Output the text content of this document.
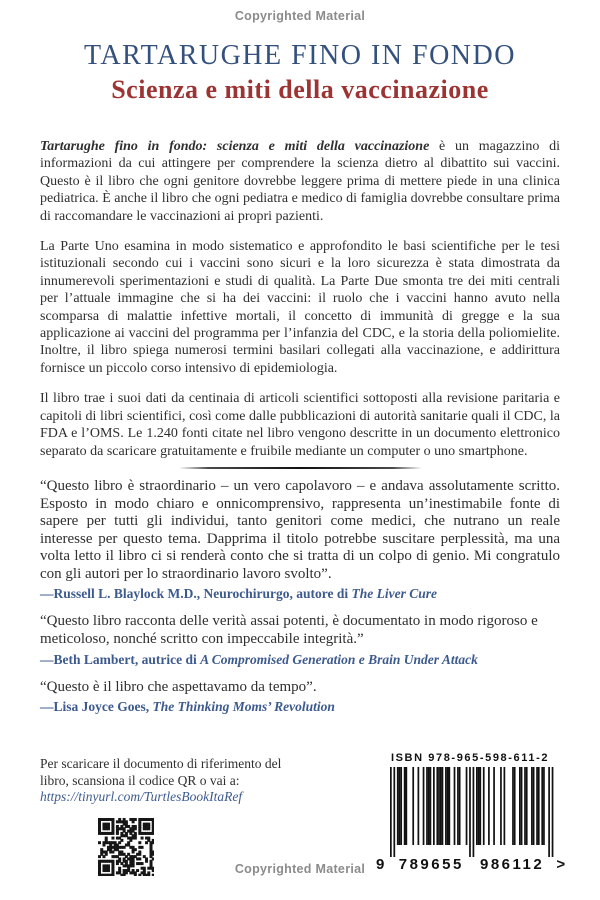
Copyrighted Material
TARTARUGHE FINO IN FONDO
Scienza e miti della vaccinazione

Tartarughe fino in fondo: scienza e miti della vaccinazione è un magazzino di informazioni da cui attingere per comprendere la scienza dietro al dibattito sui vaccini. Questo è il libro che ogni genitore dovrebbe leggere prima di mettere piede in una clinica pediatrica. È anche il libro che ogni pediatra e medico di famiglia dovrebbe consultare prima di raccomandare le vaccinazioni ai propri pazienti.

La Parte Uno esamina in modo sistematico e approfondito le basi scientifiche per le tesi istituzionali secondo cui i vaccini sono sicuri e la loro sicurezza è stata dimostrata da innumerevoli sperimentazioni e studi di qualità. La Parte Due smonta tre dei miti centrali per l’attuale immagine che si ha dei vaccini: il ruolo che i vaccini hanno avuto nella scomparsa di malattie infettive mortali, il concetto di immunità di gregge e la sua applicazione ai vaccini del programma per l’infanzia del CDC, e la storia della poliomielite. Inoltre, il libro spiega numerosi termini basilari collegati alla vaccinazione, e addirittura fornisce un piccolo corso intensivo di epidemiologia.

Il libro trae i suoi dati da centinaia di articoli scientifici sottoposti alla revisione paritaria e capitoli di libri scientifici, così come dalle pubblicazioni di autorità sanitarie quali il CDC, la FDA e l’OMS. Le 1.240 fonti citate nel libro vengono descritte in un documento elettronico separato da scaricare gratuitamente e fruibile mediante un computer o uno smartphone.

“Questo libro è straordinario – un vero capolavoro – e andava assolutamente scritto. Esposto in modo chiaro e onnicomprensivo, rappresenta un’inestimabile fonte di sapere per tutti gli individui, tanto genitori come medici, che nutrano un reale interesse per questo tema. Dapprima il titolo potrebbe suscitare perplessità, ma una volta letto il libro ci si renderà conto che si tratta di un colpo di genio. Mi congratulo con gli autori per lo straordinario lavoro svolto”.

—Russell L. Blaylock M.D., Neurochirurgo, autore di The Liver Cure

“Questo libro racconta delle verità assai potenti, è documentato in modo rigoroso e meticoloso, nonché scritto con impeccabile integrità.”

—Beth Lambert, autrice di A Compromised Generation e Brain Under Attack

“Questo è il libro che aspettavamo da tempo”.

—Lisa Joyce Goes, The Thinking Moms’ Revolution

Per scaricare il documento di riferimento del
libro, scansiona il codice QR o vai a:
https://tinyurl.com/TurtlesBookItaRef
ISBN 978-965-598-611-2
9 789655 986112 >
Copyrighted Material
